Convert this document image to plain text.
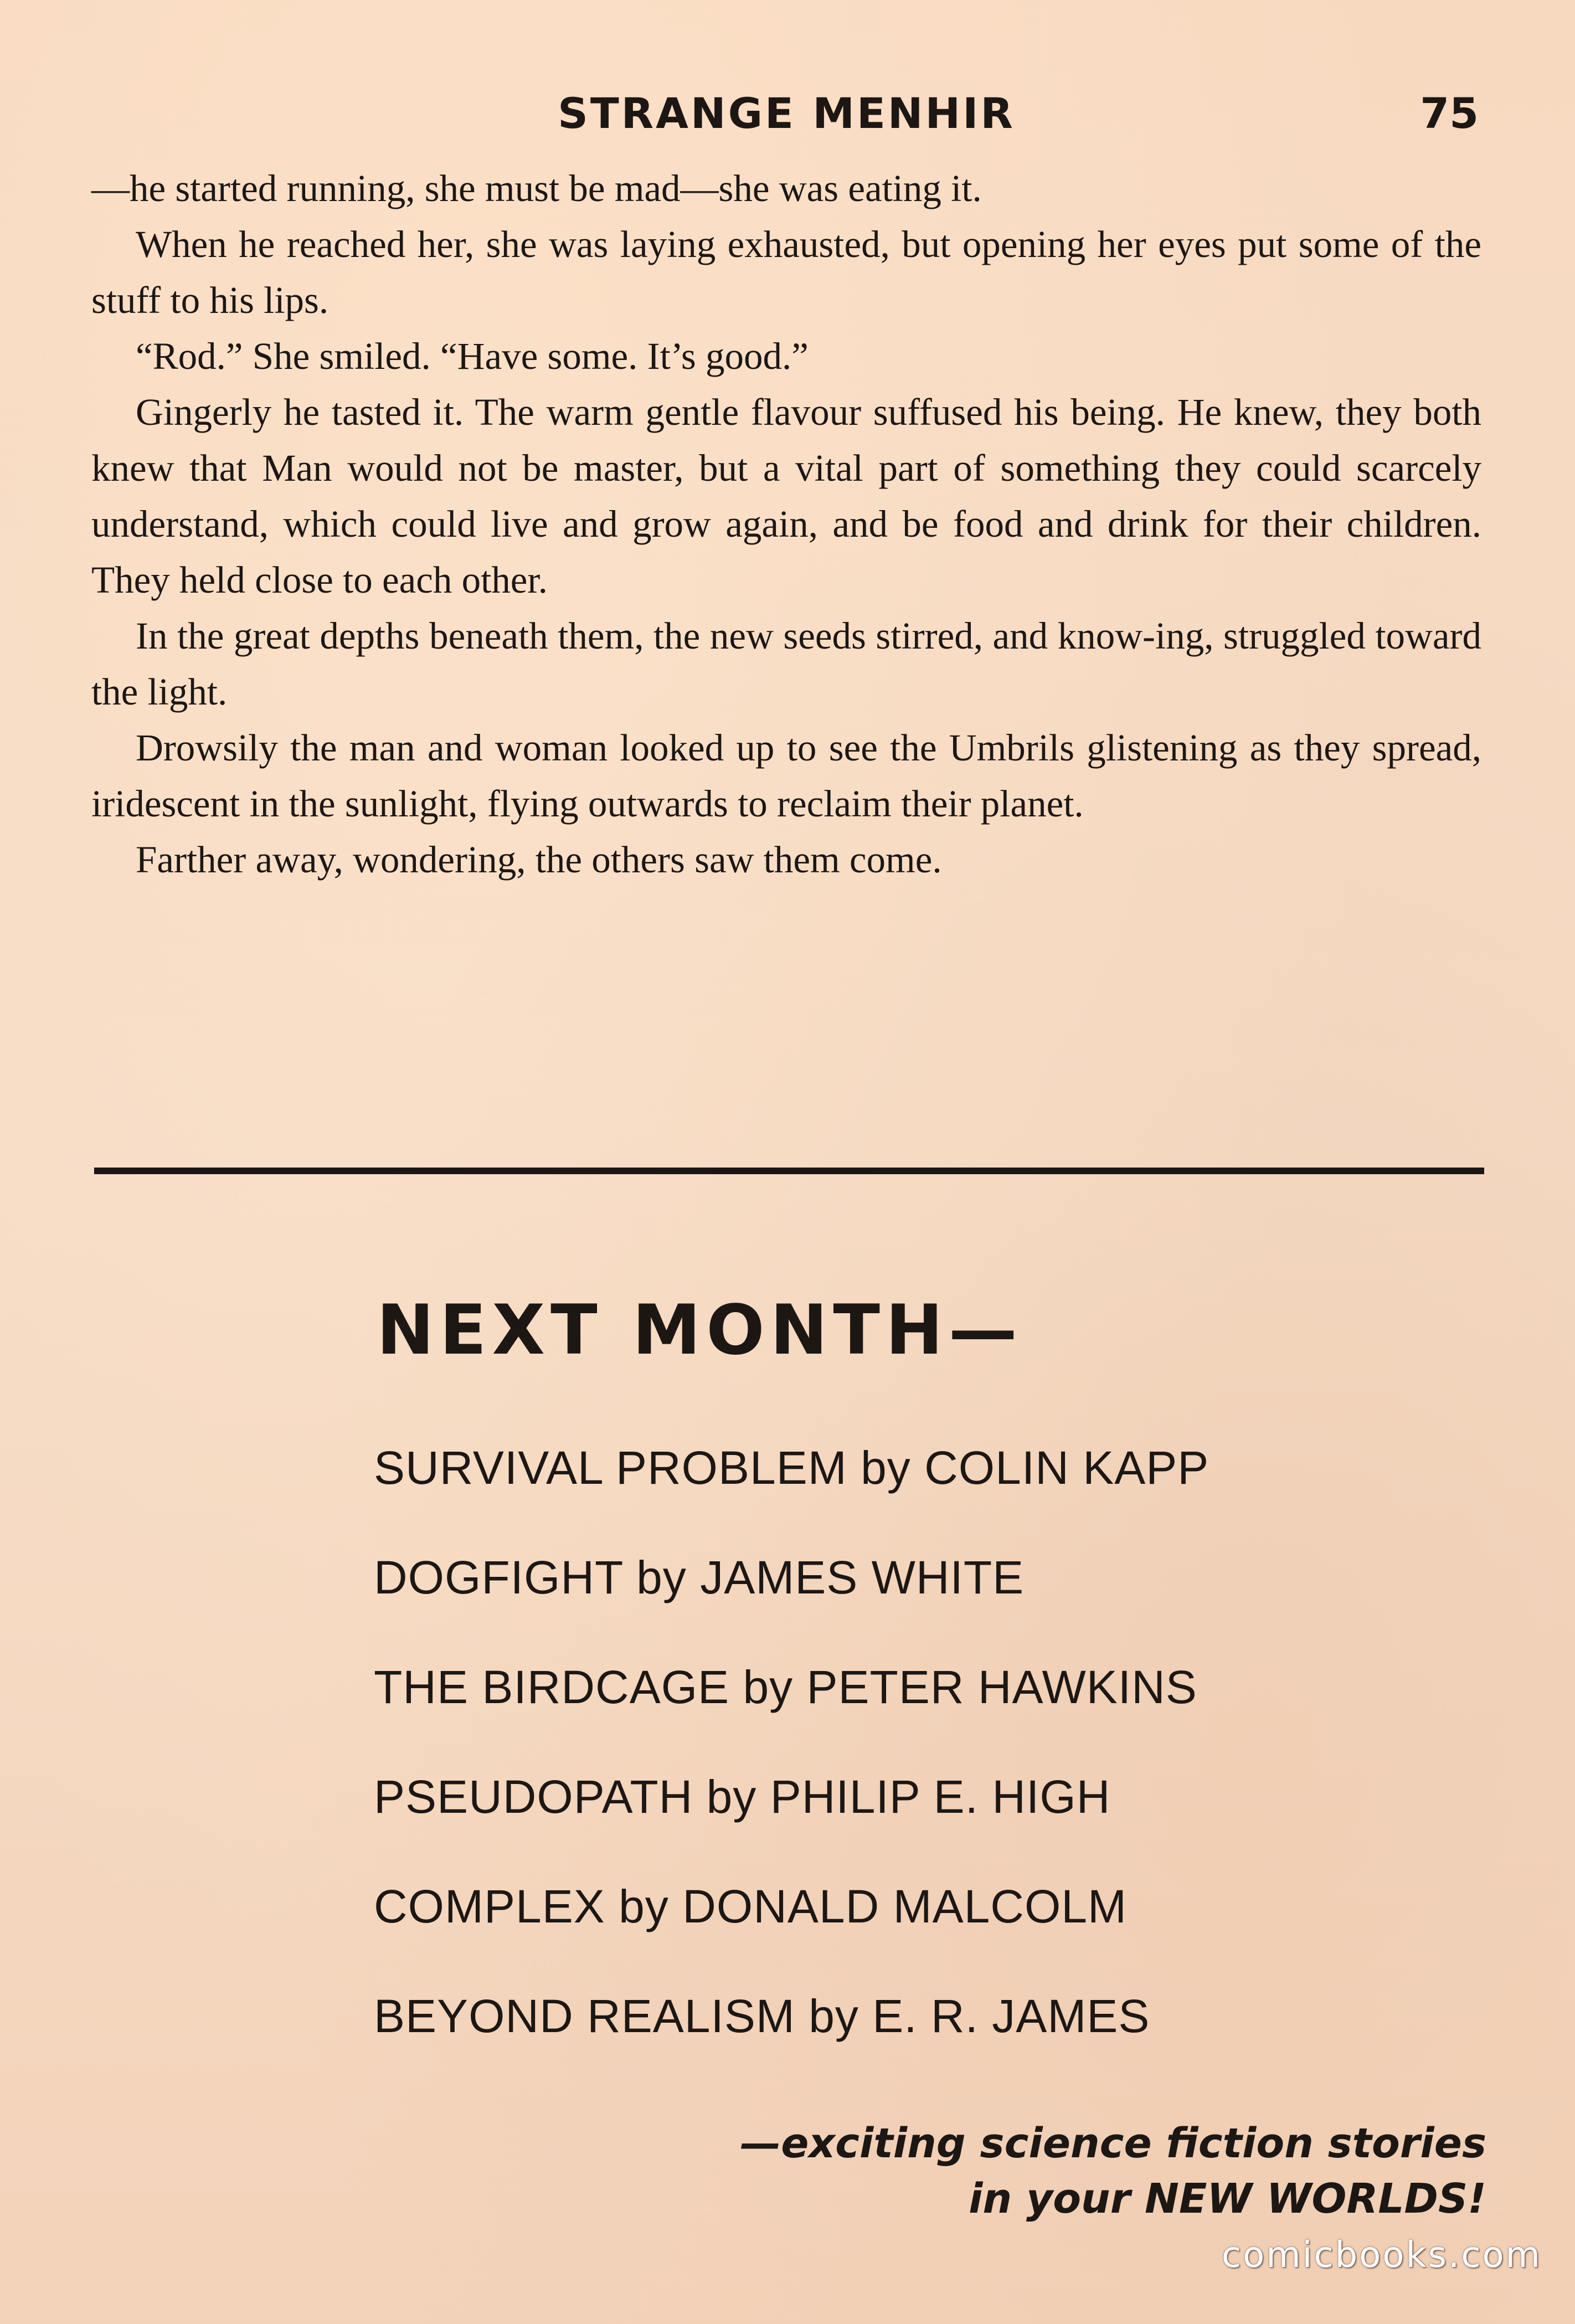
STRANGE MENHIR	75

—he started running, she must be mad—she was eating it.

When he reached her, she was laying exhausted, but opening her eyes put some of the stuff to his lips.

“Rod.” She smiled. “Have some. It’s good.”

Gingerly he tasted it. The warm gentle flavour suffused his being. He knew, they both knew that Man would not be master, but a vital part of something they could scarcely understand, which could live and grow again, and be food and drink for their children. They held close to each other.

In the great depths beneath them, the new seeds stirred, and know-ing, struggled toward the light.

Drowsily the man and woman looked up to see the Umbrils glistening as they spread, iridescent in the sunlight, flying outwards to reclaim their planet.

Farther away, wondering, the others saw them come.

NEXT MONTH—
SURVIVAL PROBLEM by COLIN KAPP
DOGFIGHT by JAMES WHITE
THE BIRDCAGE by PETER HAWKINS
PSEUDOPATH by PHILIP E. HIGH
COMPLEX by DONALD MALCOLM
BEYOND REALISM by E. R. JAMES
—exciting science fiction stories
in your NEW WORLDS!
comicbooks.com
